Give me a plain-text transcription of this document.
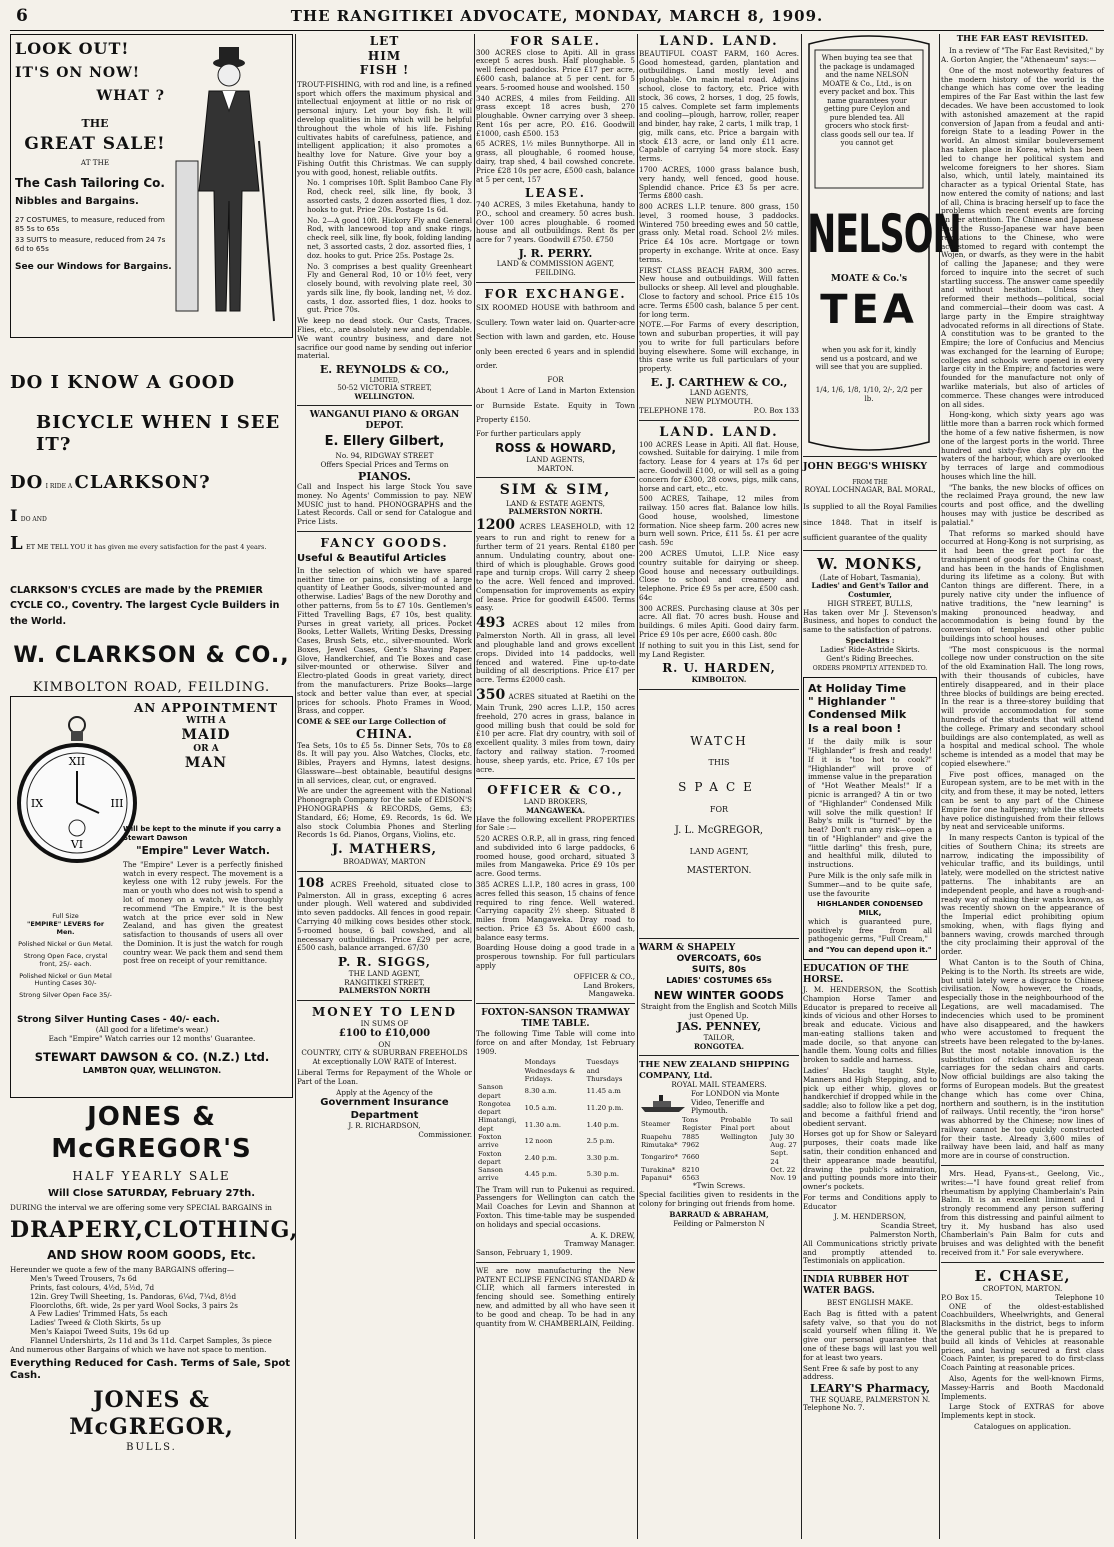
6	THE RANGITIKEI ADVOCATE, MONDAY, MARCH 8, 1909.
LOOK OUT!
IT'S ON NOW!
WHAT ?
THE
GREAT SALE!
AT THE
The Cash Tailoring Co.
Nibbles and Bargains.
27 COSTUMES, to measure, reduced from 85 5s to 65s
33 SUITS to measure, reduced from 24 7s 6d to 65s
See our Windows for Bargains.
DO I KNOW A GOOD
BICYCLE WHEN I SEE IT?
DO I RIDE A CLARKSON?
I DO AND
L ET ME TELL YOU it has given me every satisfaction for the past 4 years.
CLARKSON'S CYCLES are made by the PREMIER CYCLE CO., Coventry. The largest Cycle Builders in the World.
W. CLARKSON & CO.,
KIMBOLTON ROAD, FEILDING.
XII
III
VI
IX
AN APPOINTMENT
WITH A
MAID
OR A
MAN
Full Size
"EMPIRE" LEVERS for Men.
Polished Nickel or Gun Metal.
Strong Open Face, crystal front, 25/- each.
Polished Nickel or Gun Metal Hunting Cases 30/-
Strong Silver Open Face 35/-
Will be kept to the minute if you carry a Stewart Dawson
"Empire" Lever Watch.

The "Empire" Lever is a perfectly finished watch in every respect. The movement is a keyless one with 12 ruby jewels. For the man or youth who does not wish to spend a lot of money on a watch, we thoroughly recommend "The Empire." It is the best watch at the price ever sold in New Zealand, and has given the greatest satisfaction to thousands of users all over the Dominion. It is just the watch for rough country wear. We pack them and send them post free on receipt of your remittance.

Strong Silver Hunting Cases - 40/- each.
(All good for a lifetime's wear.)
Each "Empire" Watch carries our 12 months' Guarantee.
STEWART DAWSON & CO. (N.Z.) Ltd.
LAMBTON QUAY, WELLINGTON.
JONES & McGREGOR'S
HALF YEARLY SALE
Will Close SATURDAY, February 27th.

DURING the interval we are offering some very SPECIAL BARGAINS in

DRAPERY, CLOTHING,
AND SHOW ROOM GOODS, Etc.
Hereunder we quote a few of the many BARGAINS offering—
Men's Tweed Trousers, 7s 6d
Prints, fast colours, 4½d, 5½d, 7d
12in. Grey Twill Sheeting, 1s. Pandoras, 6¼d, 7¼d, 8½d
Floorcloths, 6ft. wide, 2s per yard Wool Socks, 3 pairs 2s
A Few Ladies' Trimmed Hats, 5s each
Ladies' Tweed & Cloth Skirts, 5s up
Men's Kaiapoi Tweed Suits, 19s 6d up
Flannel Undershirts, 2s 11d and 3s 11d. Carpet Samples, 3s piece
And numerous other Bargains of which we have not space to mention.
Everything Reduced for Cash. Terms of Sale, Spot Cash.
JONES & McGREGOR,
BULLS.
LET
HIM
FISH !

TROUT-FISHING, with rod and line, is a refined sport which offers the maximum physical and intellectual enjoyment at little or no risk of personal injury. Let your boy fish. It will develop qualities in him which will be helpful throughout the whole of his life. Fishing cultivates habits of carefulness, patience, and intelligent application; it also promotes a healthy love for Nature. Give your boy a Fishing Outfit this Christmas. We can supply you with good, honest, reliable outfits.

No. 1 comprises 10ft. Split Bamboo Cane Fly Rod, check reel, silk line, fly book, 3 assorted casts, 2 dozen assorted flies, 1 doz. hooks to gut. Price 20s. Postage 1s 6d.

No. 2—A good 10ft. Hickory Fly and General Rod, with lancewood top and snake rings, check reel, silk line, fly book, folding landing net, 3 assorted casts, 2 doz. assorted flies, 1 doz. hooks to gut. Price 25s. Postage 2s.

No. 3 comprises a best quality Greenheart Fly and General Rod, 10 or 10½ feet, very closely bound, with revolving plate reel, 30 yards silk line, fly book, landing net, ½ doz. casts, 1 doz. assorted flies, 1 doz. hooks to gut. Price 70s.

We keep no dead stock. Our Casts, Traces, Flies, etc., are absolutely new and dependable. We want country business, and dare not sacrifice our good name by sending out inferior material.

E. REYNOLDS & CO.,
LIMITED,
50-52 VICTORIA STREET,
WELLINGTON.
WANGANUI PIANO & ORGAN DEPOT.
E. Ellery Gilbert,
No. 94, RIDGWAY STREET
Offers Special Prices and Terms on
PIANOS.

Call and Inspect his large Stock You save money. No Agents' Commission to pay. NEW MUSIC just to hand. PHONOGRAPHS and the Latest Records. Call or send for Catalogue and Price Lists.

FANCY GOODS.
Useful & Beautiful Articles

In the selection of which we have spared neither time or pains, consisting of a large quantity of Leather Goods, silver-mounted and otherwise. Ladies' Bags of the new Dorothy and other patterns, from 5s to £7 10s. Gentlemen's Fitted Travelling Bags, £7 10s, best quality. Purses in great variety, all prices. Pocket Books, Letter Wallets, Writing Desks, Dressing Cases, Brush Sets, etc., silver-mounted. Work Boxes, Jewel Cases, Gent's Shaving Paper. Glove, Handkerchief, and Tie Boxes and case silver-mounted or otherwise. Silver and Electro-plated Goods in great variety, direct from the manufacturers. Prize Books—large stock and better value than ever, at special prices for schools. Photo Frames in Wood, Brass, and copper.

COME & SEE our Large Collection of
CHINA.

Tea Sets, 10s to £5 5s. Dinner Sets, 70s to £8 8s. It will pay you. Also Watches, Clocks, etc. Bibles, Prayers and Hymns, latest designs. Glassware—best obtainable, beautiful designs in all services, clear, cut, or engraved.

We are under the agreement with the National Phonograph Company for the sale of EDISON'S PHONOGRAPHS & RECORDS, Gems, £3; Standard, £6; Home, £9. Records, 1s 6d. We also stock Columbia Phones and Sterling Records 1s 6d. Pianos, Organs, Violins, etc.

J. MATHERS,
BROADWAY, MARTON

108 ACRES Freehold, situated close to Palmerston. All in grass, excepting 6 acres under plough. Well watered and subdivided into seven paddocks. All fences in good repair. Carrying 40 milking cows besides other stock. 5-roomed house, 6 bail cowshed, and all necessary outbuildings. Price £29 per acre, £500 cash, balance arranged. 67/30

P. R. SIGGS,
THE LAND AGENT,
RANGITIKEI STREET,
PALMERSTON NORTH
MONEY TO LEND
IN SUMS OF
£100 to £10,000
ON
COUNTRY, CITY & SUBURBAN FREEHOLDS
At exceptionally LOW RATE of Interest.

Liberal Terms for Repayment of the Whole or Part of the Loan.

Apply at the Agency of the
Government Insurance Department
J. R. RICHARDSON,
Commissioner.
FOR SALE.

300 ACRES close to Apiti. All in grass except 5 acres bush. Half ploughable. 5 well fenced paddocks. Price £17 per acre, £600 cash, balance at 5 per cent. for 5 years. 5-roomed house and woolshed. 150

340 ACRES, 4 miles from Feilding. All grass except 18 acres bush, 270 ploughable. Owner carrying over 3 sheep. Rent 16s per acre, P.O. £16. Goodwill £1000, cash £500. 153

65 ACRES, 1½ miles Bunnythorpe. All in grass, all ploughable, 6 roomed house, dairy, trap shed, 4 bail cowshed concrete. Price £28 10s per acre, £500 cash, balance at 5 per cent, 157

LEASE.

740 ACRES, 3 miles Eketahuna, handy to P.O., school and creamery. 50 acres bush. Over 100 acres ploughable. 6 roomed house and all outbuildings. Rent 8s per acre for 7 years. Goodwill £750. £750

J. R. PERRY.
LAND & COMMISSION AGENT,
FEILDING.
FOR EXCHANGE.

SIX ROOMED HOUSE with bathroom and Scullery. Town water laid on. Quarter-acre Section with lawn and garden, etc. House only been erected 6 years and in splendid order.

FOR

About 1 Acre of Land in Marton Extension or Burnside Estate. Equity in Town Property £150.

For further particulars apply
ROSS & HOWARD,
LAND AGENTS,
MARTON.
SIM & SIM,
LAND & ESTATE AGENTS,
PALMERSTON NORTH.

1200 ACRES LEASEHOLD, with 12 years to run and right to renew for a further term of 21 years. Rental £180 per annum. Undulating country, about one-third of which is ploughable. Grows good rape and turnip crops. Will carry 2 sheep to the acre. Well fenced and improved. Compensation for improvements as expiry of lease. Price for goodwill £4500. Terms easy.

493 ACRES about 12 miles from Palmerston North. All in grass, all level and ploughable land and grows excellent crops. Divided into 14 paddocks, well fenced and watered. Fine up-to-date building of all descriptions. Price £17 per acre. Terms £2000 cash.

350 ACRES situated at Raetihi on the Main Trunk, 290 acres L.I.P., 150 acres freehold, 270 acres in grass, balance in good milling bush that could be sold for £10 per acre. Flat dry country, with soil of excellent quality. 3 miles from town, dairy factory and railway station. 7-roomed house, sheep yards, etc. Price, £7 10s per acre.

OFFICER & CO.,
LAND BROKERS,
MANGAWEKA.

Have the following excellent PROPERTIES for Sale :—

520 ACRES O.R.P., all in grass, ring fenced and subdivided into 6 large paddocks, 6 roomed house, good orchard, situated 3 miles from Mangaweka. Price £9 10s per acre. Good terms.

385 ACRES L.I.P., 180 acres in grass, 100 acres felled this season, 15 chains of fence required to ring fence. Well watered. Carrying capacity 2½ sheep. Situated 8 miles from Mangaweka. Dray road to section. Price £3 5s. About £600 cash, balance easy terms.

Boarding House doing a good trade in a prosperous township. For full particulars apply

OFFICER & CO.,
Land Brokers,
Mangaweka.
FOXTON-SANSON TRAMWAY TIME TABLE.

The following Time Table will come into force on and after Monday, 1st February 1909.

	Mondays Wednesdays & Fridays.	Tuesdays and Thursdays
Sanson depart	8.30 a.m.	11.45 a.m
Rongotea depart	10.5 a.m.	11.20 p.m.
Himatangi, dept	11.30 a.m.	1.40 p.m.
Foxton arrive	12 noon	2.5 p.m.
Foxton depart	2.40 p.m.	3.30 p.m.
Sanson arrive	4.45 p.m.	5.30 p.m.

The Tram will run to Pukenui as required. Passengers for Wellington can catch the Mail Coaches for Levin and Shannon at Foxton. This time-table may be suspended on holidays and special occasions.

A. K. DREW,
Tramway Manager.
Sanson, February 1, 1909.

WE are now manufacturing the New PATENT ECLIPSE FENCING STANDARD & CLIP, which all farmers interested in fencing should see. Something entirely new, and admitted by all who have seen it to be good and cheap. To be had in any quantity from W. CHAMBERLAIN, Feilding.

LAND. LAND.

BEAUTIFUL COAST FARM, 160 Acres. Good homestead, garden, plantation and outbuildings. Land mostly level and ploughable. On main metal road. Adjoins school, close to factory, etc. Price with stock, 36 cows, 2 horses, 1 dog, 25 fowls, 15 calves. Complete set farm implements and cooling—plough, harrow, roller, reaper and binder, hay rake, 2 carts, 1 milk trap, 1 gig, milk cans, etc. Price a bargain with stock £13 acre, or land only £11 acre. Capable of carrying 54 more stock. Easy terms.

1700 ACRES, 1000 grass balance bush, very handy, well fenced, good house. Splendid chance. Price £3 5s per acre. Terms £800 cash.

800 ACRES L.I.P. tenure. 800 grass, 150 level, 3 roomed house, 3 paddocks. Wintered 750 breeding ewes and 50 cattle, grass only. Metal road. School 2½ miles. Price £4 10s acre. Mortgage or town property in exchange. Write at once. Easy terms.

FIRST CLASS BEACH FARM, 300 acres. New house and outbuildings. Will fatten bullocks or sheep. All level and ploughable. Close to factory and school. Price £15 10s acre. Terms £500 cash, balance 5 per cent. for long term.

NOTE.—For Farms of every description, town and suburban properties, it will pay you to write for full particulars before buying elsewhere. Some will exchange, in this case write us full particulars of your property.

E. J. CARTHEW & CO.,
LAND AGENTS,
NEW PLYMOUTH.
TELEPHONE 178.	P.O. Box 133
LAND. LAND.

100 ACRES Lease in Apiti. All flat. House, cowshed. Suitable for dairying. 1 mile from factory. Lease for 4 years at 17s 6d per acre. Goodwill £100, or will sell as a going concern for £300, 28 cows, pigs, milk cans, horse and cart, etc., etc.

500 ACRES, Taihape, 12 miles from railway. 150 acres flat. Balance low hills. Good house, woolshed, limestone formation. Nice sheep farm. 200 acres new burn well sown. Price, £11 5s. £1 per acre cash. 59c

200 ACRES Umutoi, L.I.P. Nice easy country suitable for dairying or sheep. Good house and necessary outbuildings. Close to school and creamery and telephone. Price £9 5s per acre, £500 cash. 64c

300 ACRES. Purchasing clause at 30s per acre. All flat. 70 acres bush. House and buildings. 6 miles Apiti. Good dairy farm. Price £9 10s per acre, £600 cash. 80c

If nothing to suit you in this List, send for my Land Register.

R. U. HARDEN,
KIMBOLTON.
WATCH
THIS
SPACE
FOR
J. L. McGREGOR,
LAND AGENT,
MASTERTON.
WARM & SHAPELY
OVERCOATS, 60s
SUITS, 80s
LADIES' COSTUMES 65s
NEW WINTER GOODS
Straight from the English and Scotch Mills just Opened Up.
JAS. PENNEY,
TAILOR,
RONGOTEA.
THE NEW ZEALAND SHIPPING COMPANY, Ltd.
ROYAL MAIL STEAMERS.
For LONDON via Monte Video, Teneriffe and Plymouth.
Steamer	Tons Register	Probable Final port	To sail about
Ruapehu	7885	Wellington	July 30
Rimutaka*	7962		Aug. 27
Tongariro*	7660		Sept. 24
Turakina*	8210		Oct. 22
Papanui*	6563		Nov. 19
*Twin Screws.

Special facilities given to residents in the colony for bringing out friends from home.

BARRAUD & ABRAHAM,
Feilding or Palmerston N
When buying tea see that the package is undamaged and the name NELSON MOATE & Co., Ltd., is on every packet and box. This name guarantees your getting pure Ceylon and pure blended tea. All grocers who stock first-class goods sell our tea. If you cannot get
NELSON
MOATE & Co.'s
TEA
when you ask for it, kindly send us a postcard, and we will see that you are supplied.
1/4, 1/6, 1/8, 1/10, 2/-, 2/2 per lb.
JOHN BEGG'S WHISKY
FROM THE
ROYAL LOCHNAGAR, BAL MORAL,

Is supplied to all the Royal Families since 1848. That in itself is sufficient guarantee of the quality

W. MONKS,
(Late of Hobart, Tasmania),
Ladies' and Gent's Tailor and Costumier,
HIGH STREET, BULLS,

Has taken over Mr J. Stevenson's Business, and hopes to conduct the same to the satisfaction of patrons.

Specialties :
Ladies' Ride-Astride Skirts.
Gent's Riding Breeches.
ORDERS PROMPTLY ATTENDED TO.
At Holiday Time
" Highlander "
Condensed Milk
Is a real boon !

If the daily milk is sour "Highlander" is fresh and ready! If it is "too hot to cook?" "Highlander" will prove of immense value in the preparation of "Hot Weather Meals!" If a picnic is arranged? A tin or two of "Highlander" Condensed Milk will solve the milk question! If Baby's milk is "turned" by the heat? Don't run any risk—open a tin of "Highlander" and give the "little darling" this fresh, pure, and healthful milk, diluted to instructions.

Pure Milk is the only safe milk in Summer—and to be quite safe, use the favourite

HIGHLANDER CONDENSED MILK,

which is guaranteed pure, positively free from all pathogenic germs, "Full Cream,"

and "You can depend upon it."
EDUCATION OF THE HORSE.

J. M. HENDERSON, the Scottish Champion Horse Tamer and Educator is prepared to receive all kinds of vicious and other Horses to break and educate. Vicious and man-eating stallions taken and made docile, so that anyone can handle them. Young colts and fillies broken to saddle and harness.

Ladies' Hacks taught Style, Manners and High Stepping, and to pick up either whip, gloves or handkerchief if dropped while in the saddle; also to follow like a pet dog, and become a faithful friend and obedient servant.

Horses got up for Show or Saleyard purposes, their coats made like satin, their condition enhanced and their appearance made beautiful, drawing the public's admiration, and putting pounds more into their owner's pockets.

For terms and Conditions apply to Educator

J. M. HENDERSON,
Scandia Street,
Palmerston North,

All Communications strictly private and promptly attended to. Testimonials on application.

INDIA RUBBER HOT WATER BAGS.
BEST ENGLISH MAKE.

Each Bag is fitted with a patent safety valve, so that you do not scald yourself when filling it. We give our personal guarantee that one of these bags will last you well for at least two years.

Sent Free & safe by post to any address.
LEARY'S Pharmacy,
THE SQUARE, PALMERSTON N.
Telephone No. 7.
THE FAR EAST REVISITED.

In a review of "The Far East Revisited," by A. Gorton Angier, the "Athenaeum" says:—

One of the most noteworthy features of the modern history of the world is the change which has come over the leading empires of the Far East within the last few decades. We have been accustomed to look with astonished amazement at the rapid conversion of Japan from a feudal and anti-foreign State to a leading Power in the world. An almost similar bouleversement has taken place in Korea, which has been led to change her political system and welcome foreigners to her shores. Siam also, which, until lately, maintained its character as a typical Oriental State, has now entered the comity of nations; and last of all, China is bracing herself up to face the problems which recent events are forcing on her attention. The Chinese and Japanese and the Russo-Japanese war have been revelations to the Chinese, who were accustomed to regard with contempt the Wojen, or dwarfs, as they were in the habit of calling the Japanese; and they were forced to inquire into the secret of such startling success. The answer came speedily and without hesitation. Unless they reformed their methods—political, social and commercial—their doom was cast. A large party in the Empire straightway advocated reforms in all directions of State. A constitution was to be granted to the Empire; the lore of Confucius and Mencius was exchanged for the learning of Europe; colleges and schools were opened in every large city in the Empire; and factories were founded for the manufacture not only of warlike materials, but also of articles of commerce. These changes were introduced on all sides.

Hong-kong, which sixty years ago was little more than a barren rock which formed the home of a few native fishermen, is now one of the largest ports in the world. Three hundred and sixty-five days ply on the waters of the harbour, which are overlooked by terraces of large and commodious houses which line the hill.

"The banks, the new blocks of offices on the reclaimed Praya ground, the new law courts and post office, and the dwelling houses may with justice be described as palatial."

That reforms so marked should have occurred at Hong-Kong is not surprising, as it had been the great port for the transhipment of goods for the China coast, and has been in the hands of Englishmen during its lifetime as a colony. But with Canton things are different. There, in a purely native city under the influence of native traditions, the "new learning" is making pronounced headway, and accommodation is being found by the conversion of temples and other public buildings into school houses.

"The most conspicuous is the normal college now under construction on the site of the old Examination Hall. The long rows, with their thousands of cubicles, have entirely disappeared, and in their place three blocks of buildings are being erected. In the rear is a three-storey building that will provide accommodation for some hundreds of the students that will attend the college. Primary and secondary school buildings are also contemplated, as well as a hospital and medical school. The whole scheme is intended as a model that may be copied elsewhere."

Five post offices, managed on the European system, are to be met with in the city, and from these, it may be noted, letters can be sent to any part of the Chinese Empire for one halfpenny; while the streets have police distinguished from their fellows by neat and serviceable uniforms.

In many respects Canton is typical of the cities of Southern China; its streets are narrow, indicating the impossibility of vehicular traffic, and its buildings, until lately, were modelled on the strictest native patterns. The inhabitants are an independent people, and have a rough-and-ready way of making their wants known, as was recently shown on the appearance of the Imperial edict prohibiting opium smoking, when, with flags flying and banners waving, crowds marched through the city proclaiming their approval of the order.

What Canton is to the South of China, Peking is to the North. Its streets are wide, but until lately were a disgrace to Chinese civilisation. Now, however, the roads, especially those in the neighbourhood of the Legations, are well macadamised. The indecencies which used to be prominent have also disappeared, and the hawkers who were accustomed to frequent the streets have been relegated to the by-lanes. But the most notable innovation is the substitution of rickshas and European carriages for the sedan chairs and carts. Now official buildings are also taking the forms of European models. But the greatest change which has come over China, northern and southern, is in the institution of railways. Until recently, the "iron horse" was abhorred by the Chinese; now lines of railway cannot be too quickly constructed for their taste. Already 3,600 miles of railway have been laid, and half as many more are in course of construction.

Mrs. Head, Fyans-st., Geelong, Vic., writes:—"I have found great relief from rheumatism by applying Chamberlain's Pain Balm. It is an excellent liniment and I strongly recommend any person suffering from this distressing and painful ailment to try it. My husband has also used Chamberlain's Pain Balm for cuts and bruises and was delighted with the benefit received from it." For sale everywhere.

E. CHASE,
CROFTON, MARTON.
P.O Box 15.	Telephone 10

ONE of the oldest-established Coachbuilders, Wheelwrights, and General Blacksmiths in the district, begs to inform the general public that he is prepared to build all kinds of Vehicles at reasonable prices, and having secured a first class Coach Painter, is prepared to do first-class Coach Painting at reasonable prices.

Also, Agents for the well-known Firms, Massey-Harris and Booth Macdonald Implements.

Large Stock of EXTRAS for above Implements kept in stock.

Catalogues on application.
